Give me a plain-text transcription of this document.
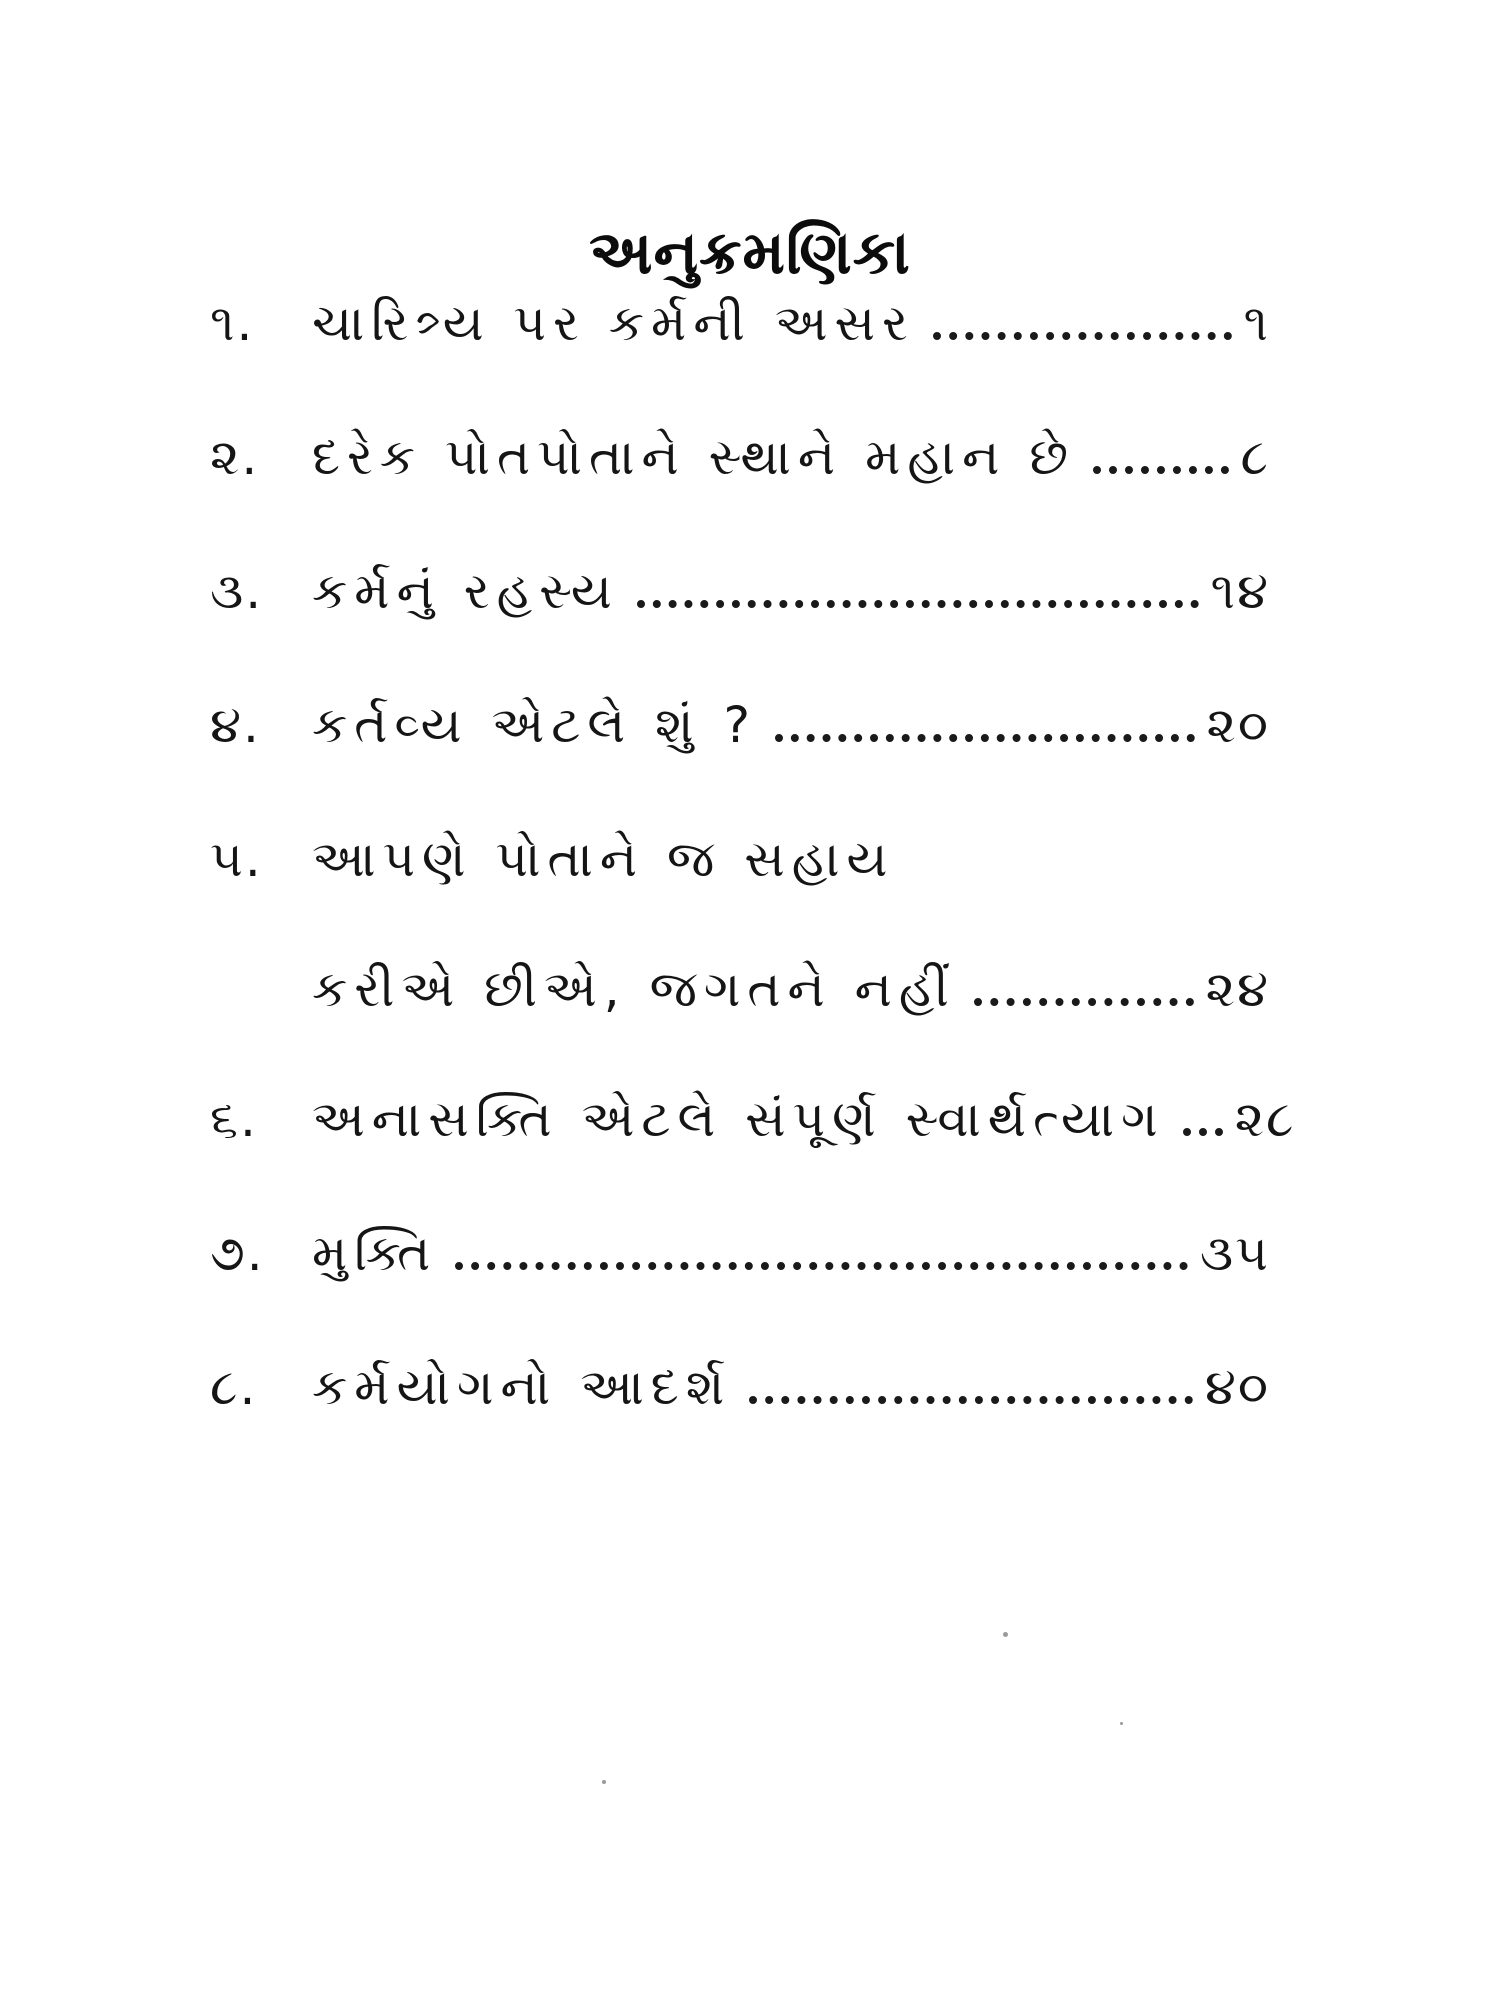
અનુક્રમણિકા
૧.	ચારિત્ર્ય પર કર્મની અસર	૧
૨.	દરેક પોતપોતાને સ્થાને મહાન છે	૮
૩. કર્મનું રહસ્ય	૧૪
૪.	કર્તવ્ય એટલે શું ?	૨૦
૫. આપણે પોતાને જ સહાય
કરીએ છીએ, જગતને નહીં	૨૪
૬.	અનાસક્તિ એટલે સંપૂર્ણ સ્વાર્થત્યાગ ૨૮
૭. મુક્તિ	૩૫
૮.	કર્મયોગનો આદર્શ	૪૦
